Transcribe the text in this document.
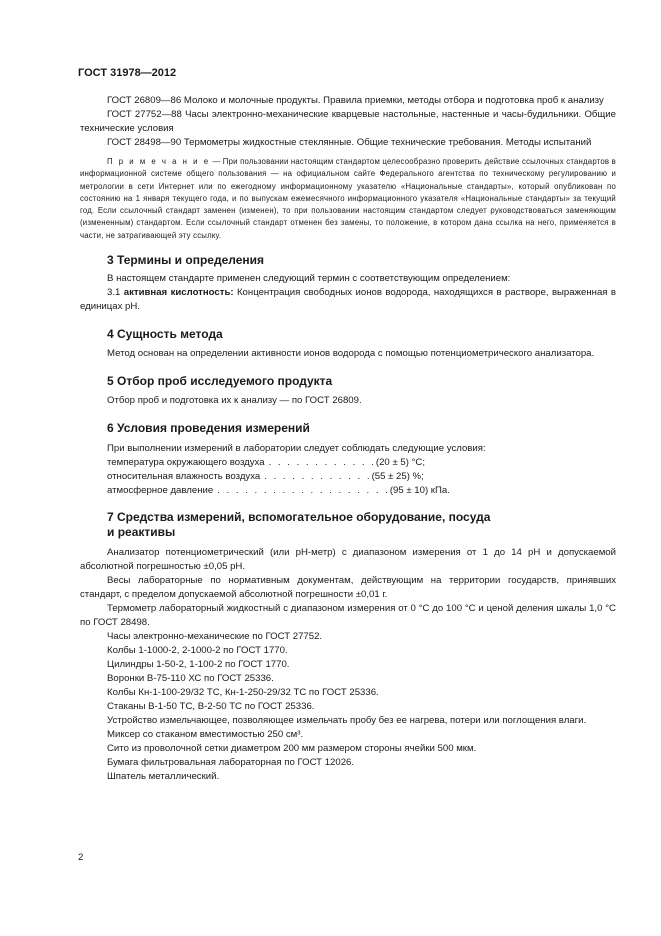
ГОСТ 31978—2012

ГОСТ 26809—86 Молоко и молочные продукты. Правила приемки, методы отбора и подготовка проб к анализу

ГОСТ 27752—88 Часы электронно-механические кварцевые настольные, настенные и часы-будильники. Общие технические условия

ГОСТ 28498—90 Термометры жидкостные стеклянные. Общие технические требования. Методы испытаний

П р и м е ч а н и е — При пользовании настоящим стандартом целесообразно проверить действие ссылочных стандартов в информационной системе общего пользования — на официальном сайте Федерального агентства по техническому регулированию и метрологии в сети Интернет или по ежегодному информационному указателю «Национальные стандарты», который опубликован по состоянию на 1 января текущего года, и по выпускам ежемесячного информационного указателя «Национальные стандарты» за текущий год. Если ссылочный стандарт заменен (изменен), то при пользовании настоящим стандартом следует руководствоваться заменяющим (измененным) стандартом. Если ссылочный стандарт отменен без замены, то положение, в котором дана ссылка на него, применяется в части, не затрагивающей эту ссылку.

3 Термины и определения

В настоящем стандарте применен следующий термин с соответствующим определением:

3.1 активная кислотность: Концентрация свободных ионов водорода, находящихся в растворе, выраженная в единицах pH.

4 Сущность метода

Метод основан на определении активности ионов водорода с помощью потенциометрического анализатора.

5 Отбор проб исследуемого продукта

Отбор проб и подготовка их к анализу — по ГОСТ 26809.

6 Условия проведения измерений

При выполнении измерений в лаборатории следует соблюдать следующие условия:

температура окружающего воздуха . . . . . . . . . . . . (20 ± 5) °С;
относительная влажность воздуха . . . . . . . . . . . . (55 ± 25) %;
атмосферное давление . . . . . . . . . . . . . . . . . . . (95 ± 10) кПа.
7 Средства измерений, вспомогательное оборудование, посуда
и реактивы

Анализатор потенциометрический (или pH-метр) с диапазоном измерения от 1 до 14 pH и допускаемой абсолютной погрешностью ±0,05 pH.

Весы лабораторные по нормативным документам, действующим на территории государств, принявших стандарт, с пределом допускаемой абсолютной погрешности ±0,01 г.

Термометр лабораторный жидкостный с диапазоном измерения от 0 °С до 100 °С и ценой деления шкалы 1,0 °С по ГОСТ 28498.

Часы электронно-механические по ГОСТ 27752.

Колбы 1-1000-2, 2-1000-2 по ГОСТ 1770.

Цилиндры 1-50-2, 1-100-2 по ГОСТ 1770.

Воронки В-75-110 ХС по ГОСТ 25336.

Колбы Кн-1-100-29/32 ТС, Кн-1-250-29/32 ТС по ГОСТ 25336.

Стаканы В-1-50 ТС, В-2-50 ТС по ГОСТ 25336.

Устройство измельчающее, позволяющее измельчать пробу без ее нагрева, потери или поглощения влаги.

Миксер со стаканом вместимостью 250 см³.

Сито из проволочной сетки диаметром 200 мм размером стороны ячейки 500 мкм.

Бумага фильтровальная лабораторная по ГОСТ 12026.

Шпатель металлический.

2
